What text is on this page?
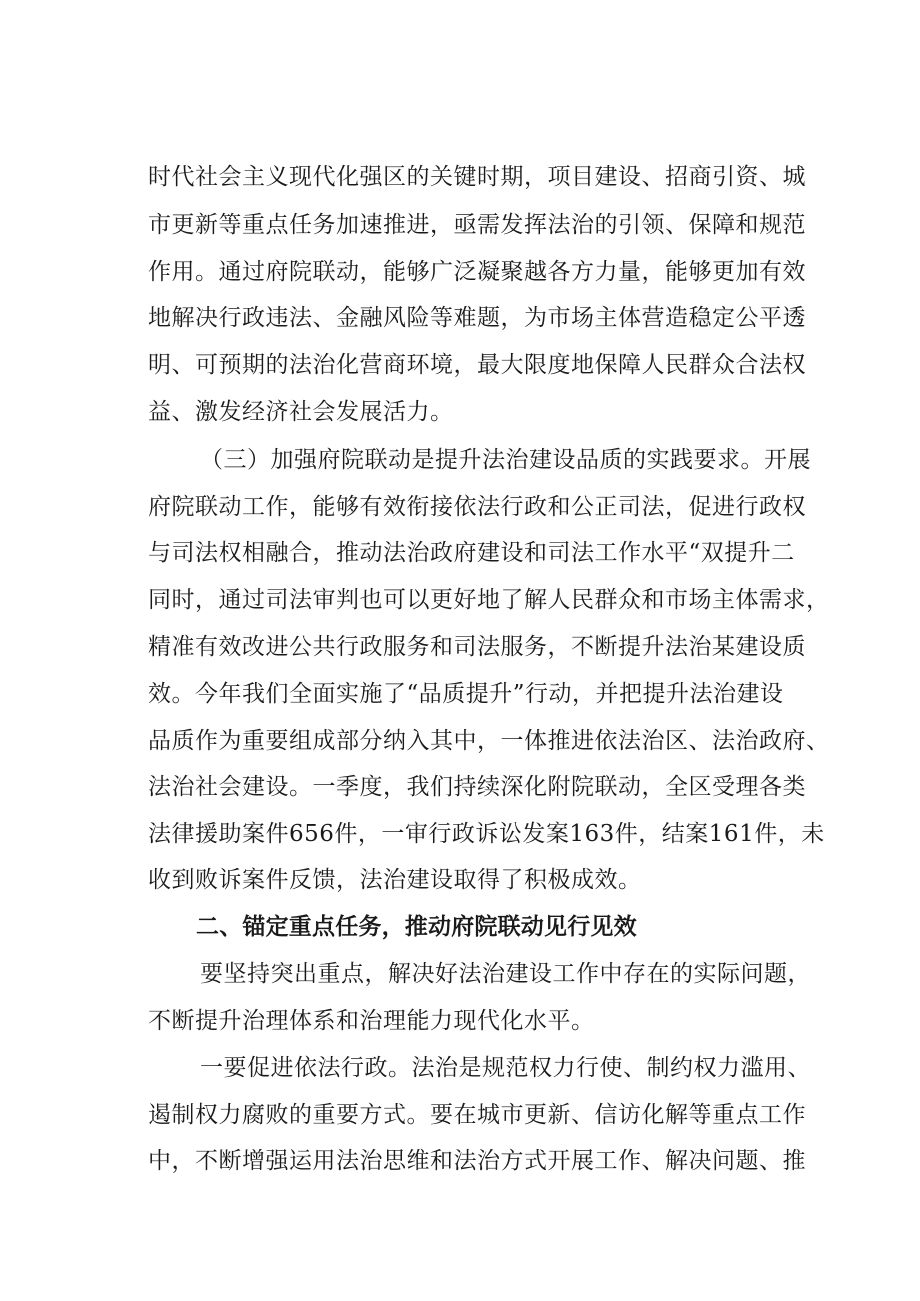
时代社会主义现代化强区的关键时期，项目建设、招商引资、城
市更新等重点任务加速推进，亟需发挥法治的引领、保障和规范
作用。通过府院联动，能够广泛凝聚越各方力量，能够更加有效
地解决行政违法、金融风险等难题，为市场主体营造稳定公平透
明、可预期的法治化营商环境，最大限度地保障人民群众合法权
益、激发经济社会发展活力。
（三）加强府院联动是提升法治建设品质的实践要求。开展
府院联动工作，能够有效衔接依法行政和公正司法，促进行政权
与司法权相融合，推动法治政府建设和司法工作水平“双提升二
同时，通过司法审判也可以更好地了解人民群众和市场主体需求，
精准有效改进公共行政服务和司法服务，不断提升法治某建设质
效。今年我们全面实施了“品质提升”行动，并把提升法治建设
品质作为重要组成部分纳入其中，一体推进依法治区、法治政府、
法治社会建设。一季度，我们持续深化附院联动，全区受理各类
法律援助案件656件，一审行政诉讼发案163件，结案161件，未
收到败诉案件反馈，法治建设取得了积极成效。
二、锚定重点任务，推动府院联动见行见效
要坚持突出重点，解决好法治建设工作中存在的实际问题，
不断提升治理体系和治理能力现代化水平。
一要促进依法行政。法治是规范权力行使、制约权力滥用、
遏制权力腐败的重要方式。要在城市更新、信访化解等重点工作
中，不断增强运用法治思维和法治方式开展工作、解决问题、推
